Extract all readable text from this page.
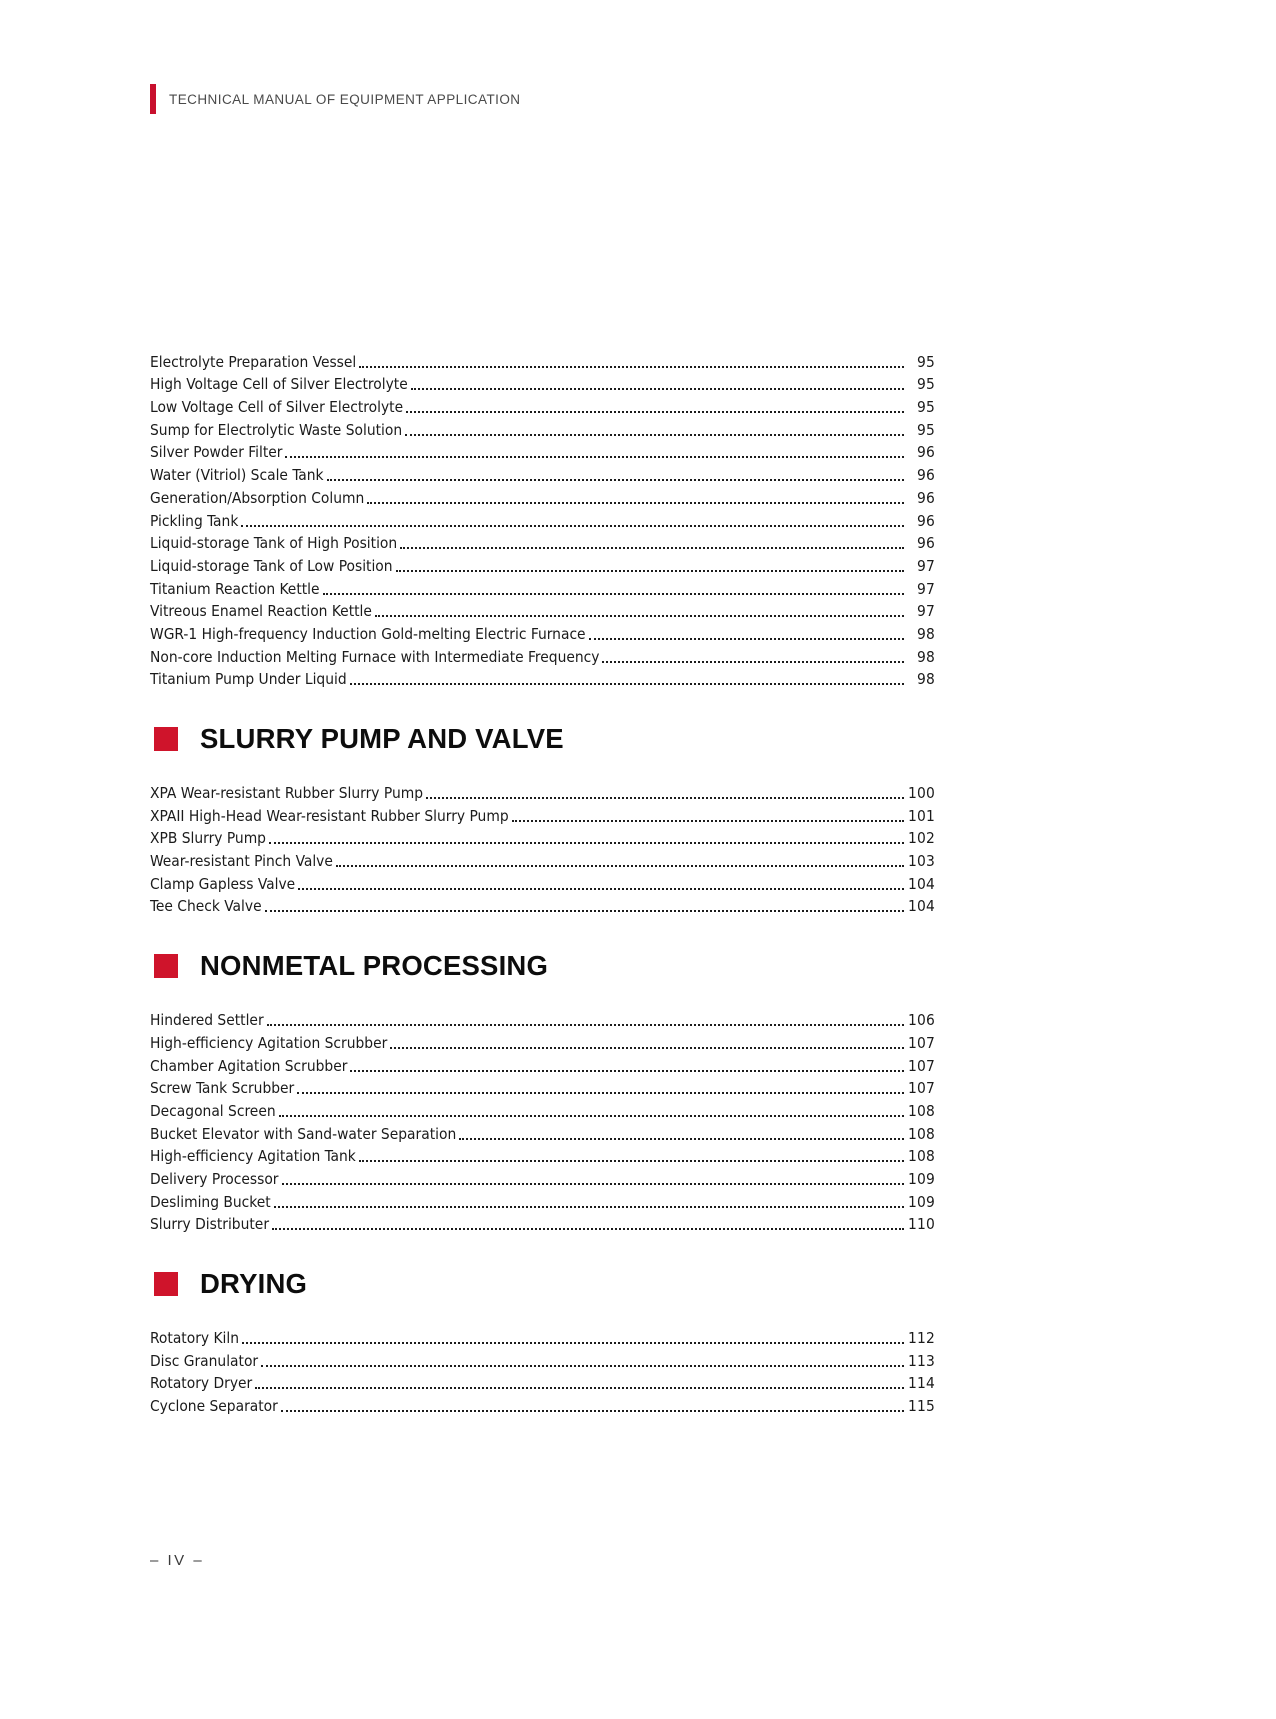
TECHNICAL MANUAL OF EQUIPMENT APPLICATION
Electrolyte Preparation Vessel	95
High Voltage Cell of Silver Electrolyte	95
Low Voltage Cell of Silver Electrolyte	95
Sump for Electrolytic Waste Solution	95
Silver Powder Filter	96
Water (Vitriol) Scale Tank	96
Generation/Absorption Column	96
Pickling Tank	96
Liquid-storage Tank of High Position	96
Liquid-storage Tank of Low Position	97
Titanium Reaction Kettle	97
Vitreous Enamel Reaction Kettle	97
WGR-1 High-frequency Induction Gold-melting Electric Furnace	98
Non-core Induction Melting Furnace with Intermediate Frequency	98
Titanium Pump Under Liquid	98
SLURRY PUMP AND VALVE
XPA Wear-resistant Rubber Slurry Pump	100
XPAII High-Head Wear-resistant Rubber Slurry Pump	101
XPB Slurry Pump	102
Wear-resistant Pinch Valve	103
Clamp Gapless Valve	104
Tee Check Valve	104
NONMETAL PROCESSING
Hindered Settler	106
High-efficiency Agitation Scrubber	107
Chamber Agitation Scrubber	107
Screw Tank Scrubber	107
Decagonal Screen	108
Bucket Elevator with Sand-water Separation	108
High-efficiency Agitation Tank	108
Delivery Processor	109
Desliming Bucket	109
Slurry Distributer	110
DRYING
Rotatory Kiln	112
Disc Granulator	113
Rotatory Dryer	114
Cyclone Separator	115
– IV –
